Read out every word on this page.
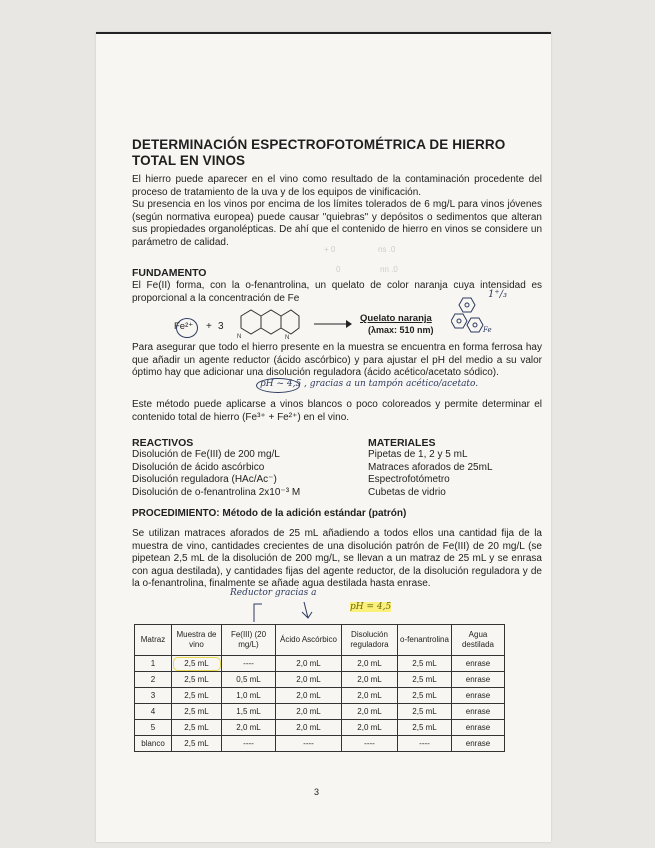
DETERMINACIÓN ESPECTROFOTOMÉTRICA DE HIERRO TOTAL EN VINOS
El hierro puede aparecer en el vino como resultado de la contaminación procedente del proceso de tratamiento de la uva y de los equipos de vinificación.
Su presencia en los vinos por encima de los límites tolerados de 6 mg/L para vinos jóvenes (según normativa europea) puede causar "quiebras" y depósitos o sedimentos que alteran sus propiedades organolépticas. De ahí que el contenido de hierro en vinos se considere un parámetro de calidad.
+ 0	ns .0
0	nn .0
FUNDAMENTO
El Fe(II) forma, con la o-fenantrolina, un quelato de color naranja cuya intensidad es proporcional a la concentración de Fe
Fe²⁺ + 3
N	N
→ Quelato naranja
(λmax: 510 nm)	Fe
1⁺/₃
Para asegurar que todo el hierro presente en la muestra se encuentra en forma ferrosa hay que añadir un agente reductor (ácido ascórbico) y para ajustar el pH del medio a su valor óptimo hay que adicionar una disolución reguladora (ácido acético/acetato sódico).
pH ~ 4,5 , gracias a un tampón acético/acetato.
Este método puede aplicarse a vinos blancos o poco coloreados y permite determinar el contenido total de hierro (Fe³⁺ + Fe²⁺) en el vino.
REACTIVOS
Disolución de Fe(III) de 200 mg/L
Disolución de ácido ascórbico
Disolución reguladora (HAc/Ac⁻)
Disolución de o-fenantrolina 2x10⁻³ M
MATERIALES
Pipetas de 1, 2 y 5 mL
Matraces aforados de 25mL
Espectrofotómetro
Cubetas de vidrio
PROCEDIMIENTO: Método de la adición estándar (patrón)
Se utilizan matraces aforados de 25 mL añadiendo a todos ellos una cantidad fija de la muestra de vino, cantidades crecientes de una disolución patrón de Fe(III) de 20 mg/L (se pipetean 2,5 mL de la disolución de 200 mg/L, se llevan a un matraz de 25 mL y se enrasa con agua destilada), y cantidades fijas del agente reductor, de la disolución reguladora y de la o-fenantrolina, finalmente se añade agua destilada hasta enrase.
Reductor gracias a
pH = 4,5
Matraz	Muestra de vino	Fe(III) (20 mg/L)	Ácido Ascórbico	Disolución reguladora	o-fenantrolina	Agua destilada
1	2,5 mL	----	2,0 mL	2,0 mL	2,5 mL	enrase
2	2,5 mL	0,5 mL	2,0 mL	2,0 mL	2,5 mL	enrase
3	2,5 mL	1,0 mL	2,0 mL	2,0 mL	2,5 mL	enrase
4	2,5 mL	1,5 mL	2,0 mL	2,0 mL	2,5 mL	enrase
5	2,5 mL	2,0 mL	2,0 mL	2,0 mL	2,5 mL	enrase
blanco	2,5 mL	----	----	----	----	enrase
3
